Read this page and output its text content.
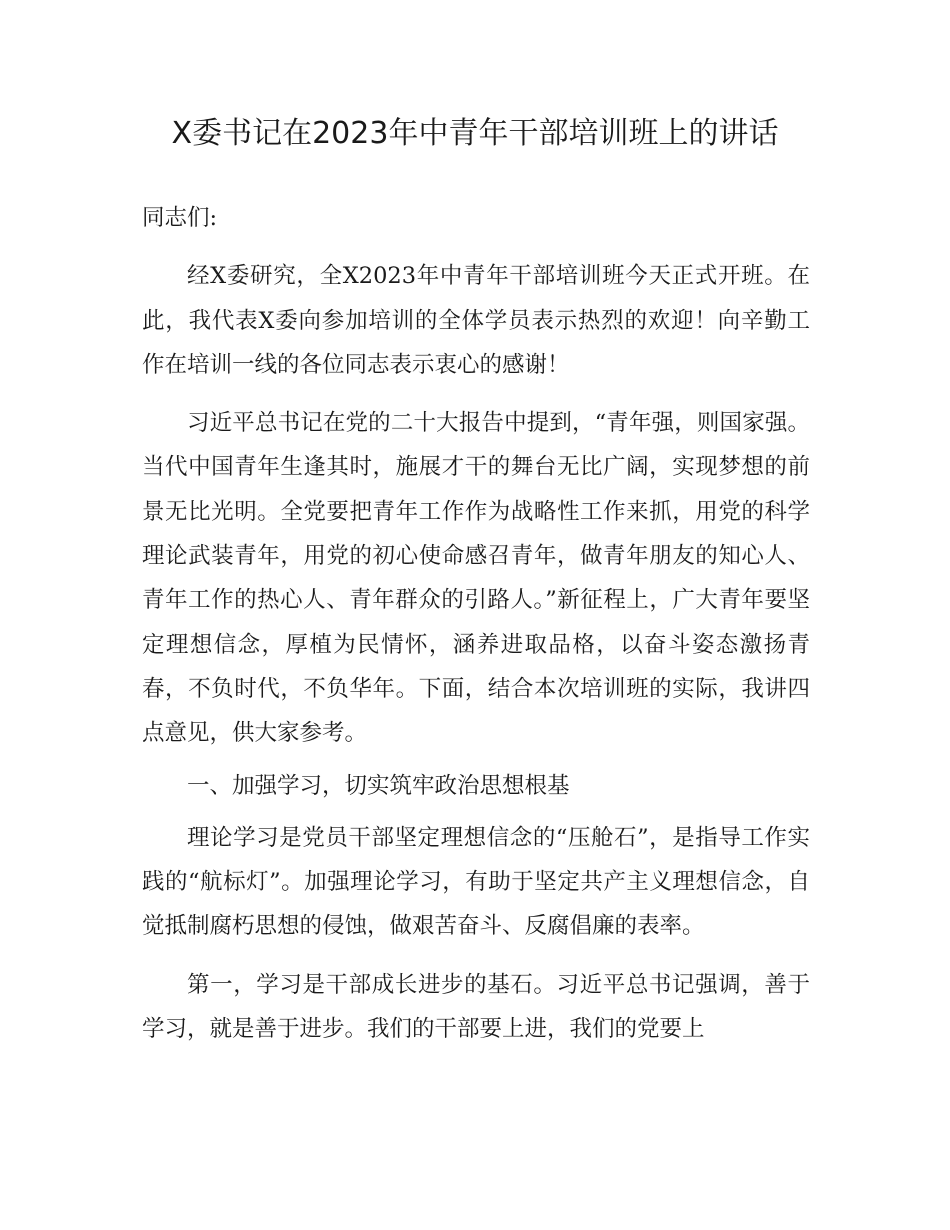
X委书记在2023年中青年干部培训班上的讲话

同志们:

经X委研究，全X2023年中青年干部培训班今天正式开班。在此，我代表X委向参加培训的全体学员表示热烈的欢迎！向辛勤工作在培训一线的各位同志表示衷心的感谢！

习近平总书记在党的二十大报告中提到，“青年强，则国家强。当代中国青年生逢其时，施展才干的舞台无比广阔，实现梦想的前景无比光明。全党要把青年工作作为战略性工作来抓，用党的科学理论武装青年，用党的初心使命感召青年，做青年朋友的知心人、青年工作的热心人、青年群众的引路人。”新征程上，广大青年要坚定理想信念，厚植为民情怀，涵养进取品格，以奋斗姿态激扬青春，不负时代，不负华年。下面，结合本次培训班的实际，我讲四点意见，供大家参考。

一、加强学习，切实筑牢政治思想根基

理论学习是党员干部坚定理想信念的“压舱石”，是指导工作实践的“航标灯”。加强理论学习，有助于坚定共产主义理想信念，自觉抵制腐朽思想的侵蚀，做艰苦奋斗、反腐倡廉的表率。

第一，学习是干部成长进步的基石。习近平总书记强调，善于学习，就是善于进步。我们的干部要上进，我们的党要上
